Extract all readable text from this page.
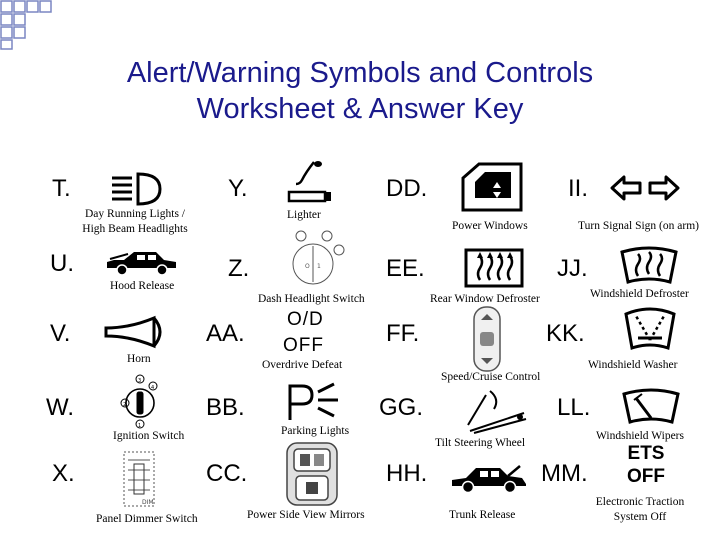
Alert/Warning Symbols and Controls
Worksheet & Answer Key
T.
Day Running Lights /
High Beam Headlights
U.
Hood Release
V.
Horn
W.
3
4
2
1
Ignition Switch
X.
DIM
Panel Dimmer Switch
Y.
Lighter
Z.	O 1
Dash Headlight Switch
AA.
O/D
OFF
Overdrive Defeat
BB.
Parking Lights
CC.
Power Side View Mirrors
DD.
Power Windows
EE.
Rear Window Defroster
FF.
Speed/Cruise Control
GG.
Tilt Steering Wheel
HH.
Trunk Release
II.
Turn Signal Sign (on arm)
JJ.
Windshield Defroster
KK.
Windshield Washer
LL.
Windshield Wipers
MM.
ETS
OFF
Electronic Traction
System Off
